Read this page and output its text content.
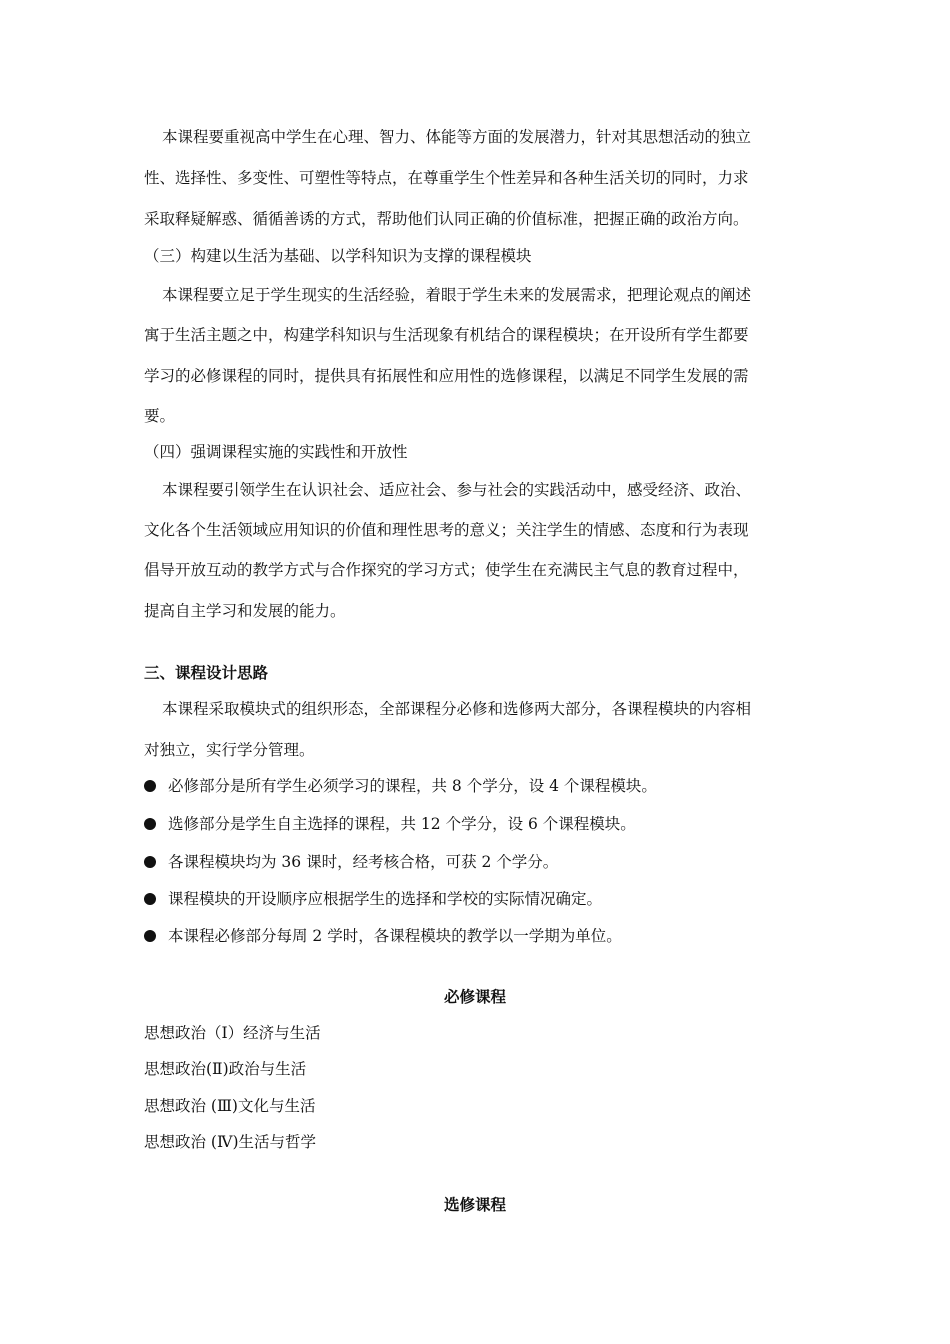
本课程要重视高中学生在心理、智力、体能等方面的发展潜力，针对其思想活动的独立
性、选择性、多变性、可塑性等特点，在尊重学生个性差异和各种生活关切的同时，力求
采取释疑解惑、循循善诱的方式，帮助他们认同正确的价值标准，把握正确的政治方向。
（三）构建以生活为基础、以学科知识为支撑的课程模块
本课程要立足于学生现实的生活经验，着眼于学生未来的发展需求，把理论观点的阐述
寓于生活主题之中，构建学科知识与生活现象有机结合的课程模块；在开设所有学生都要
学习的必修课程的同时，提供具有拓展性和应用性的选修课程，以满足不同学生发展的需
要。
（四）强调课程实施的实践性和开放性
本课程要引领学生在认识社会、适应社会、参与社会的实践活动中，感受经济、政治、
文化各个生活领域应用知识的价值和理性思考的意义；关注学生的情感、态度和行为表现
倡导开放互动的教学方式与合作探究的学习方式；使学生在充满民主气息的教育过程中，
提高自主学习和发展的能力。
三、课程设计思路
本课程采取模块式的组织形态，全部课程分必修和选修两大部分，各课程模块的内容相
对独立，实行学分管理。
必修部分是所有学生必须学习的课程，共 8 个学分，设 4 个课程模块。
选修部分是学生自主选择的课程，共 12 个学分，设 6 个课程模块。
各课程模块均为 36 课时，经考核合格，可获 2 个学分。
课程模块的开设顺序应根据学生的选择和学校的实际情况确定。
本课程必修部分每周 2 学时，各课程模块的教学以一学期为单位。
必修课程
思想政治（Ⅰ）经济与生活
思想政治(Ⅱ)政治与生活
思想政治 (Ⅲ)文化与生活
思想政治 (Ⅳ)生活与哲学
选修课程
